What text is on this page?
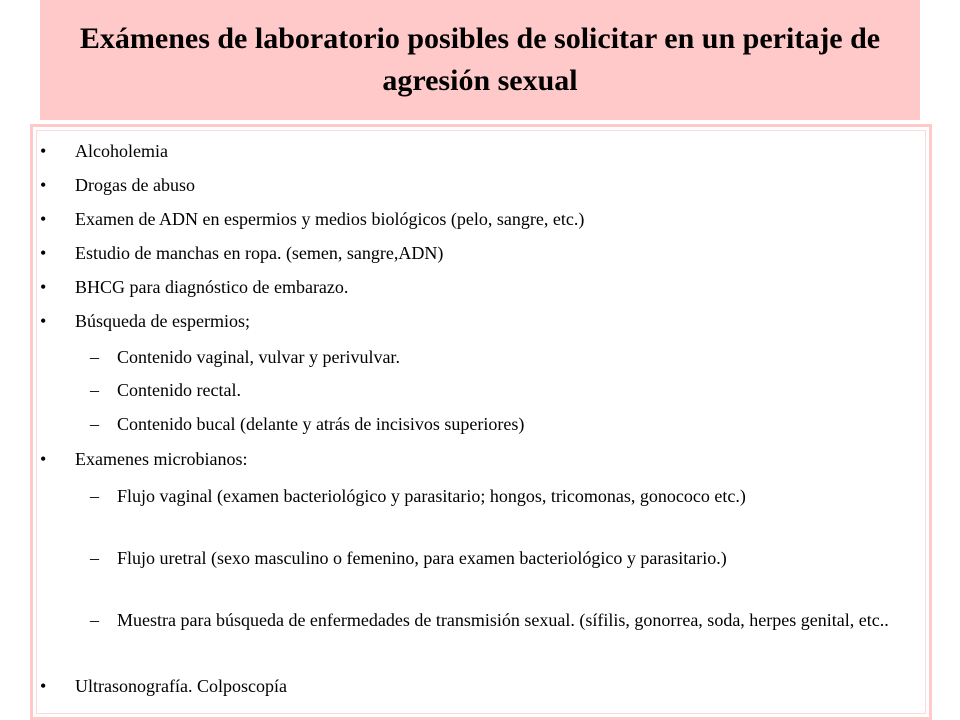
Exámenes de laboratorio posibles de solicitar en un peritaje de agresión sexual
• Alcoholemia
• Drogas de abuso
• Examen de ADN en espermios y medios biológicos (pelo, sangre, etc.)
• Estudio de manchas en ropa. (semen, sangre,ADN)
• BHCG para diagnóstico de embarazo.
• Búsqueda de espermios;
– Contenido vaginal, vulvar y perivulvar.
– Contenido rectal.
– Contenido bucal (delante y atrás de incisivos superiores)
• Examenes microbianos:
– Flujo vaginal (examen bacteriológico y parasitario; hongos, tricomonas, gonococo etc.)
– Flujo uretral (sexo masculino o femenino, para examen bacteriológico y parasitario.)
– Muestra para búsqueda de enfermedades de transmisión sexual. (sífilis, gonorrea, soda, herpes genital, etc..
• Ultrasonografía. Colposcopía
